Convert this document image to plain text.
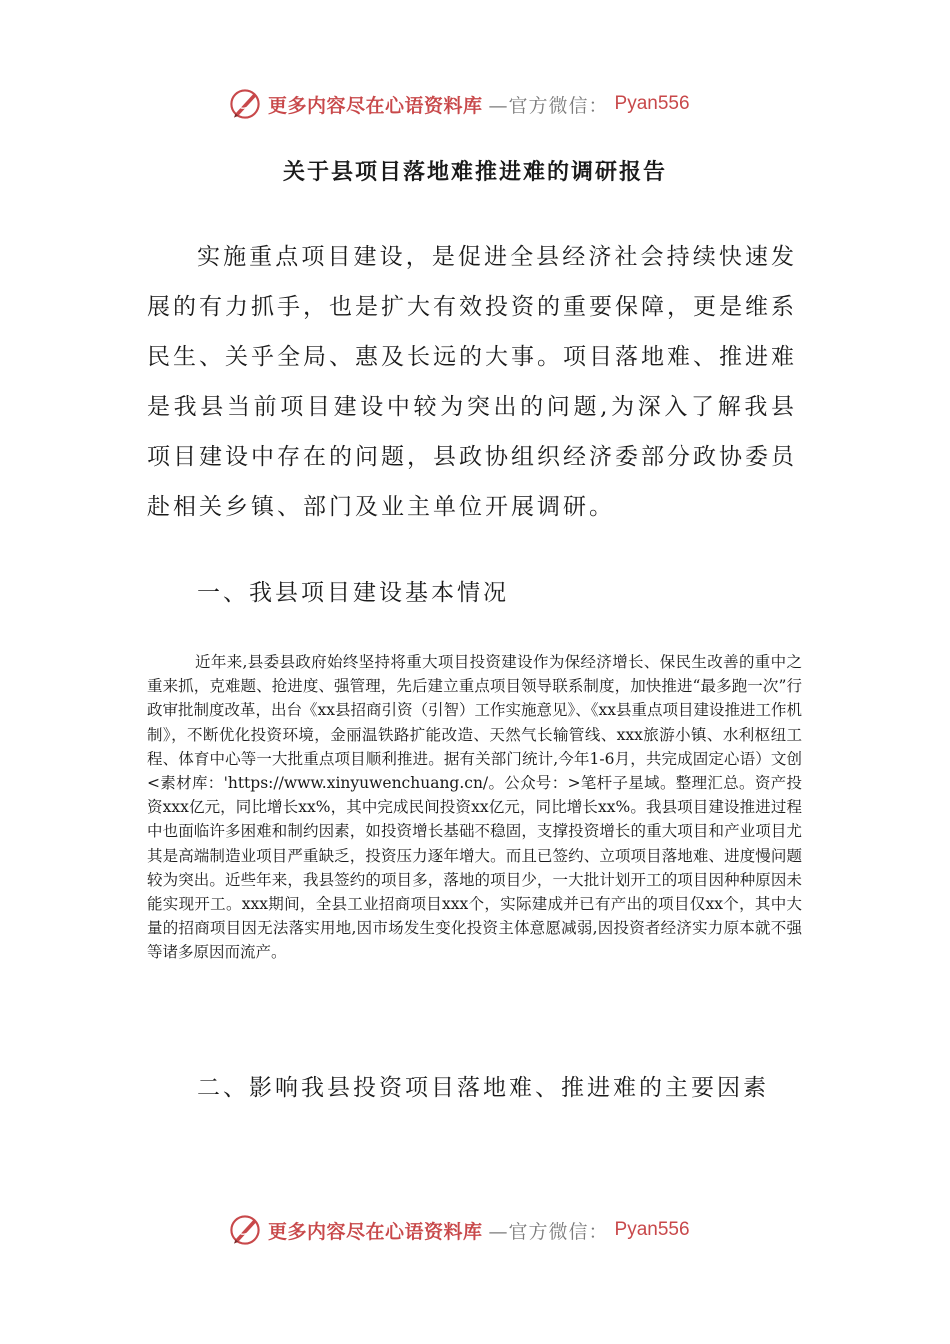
更多内容尽在心语资料库 —官方微信： Pyan556
关于县项目落地难推进难的调研报告

实施重点项目建设，是促进全县经济社会持续快速发展的有力抓手，也是扩大有效投资的重要保障，更是维系民生、关乎全局、惠及长远的大事。项目落地难、推进难是我县当前项目建设中较为突出的问题,为深入了解我县项目建设中存在的问题，县政协组织经济委部分政协委员赴相关乡镇、部门及业主单位开展调研。

一、我县项目建设基本情况

近年来,县委县政府始终坚持将重大项目投资建设作为保经济增长、保民生改善的重中之重来抓，克难题、抢进度、强管理，先后建立重点项目领导联系制度，加快推进“最多跑一次”行政审批制度改革，出台《xx县招商引资（引智）工作实施意见》、《xx县重点项目建设推进工作机制》，不断优化投资环境，金丽温铁路扩能改造、天然气长输管线、xxx旅游小镇、水利枢纽工程、体育中心等一大批重点项目顺利推进。据有关部门统计,今年1-6月，共完成固定心语）文创<素材库：'https://www.xinyuwenchuang.cn/。公众号：>笔杆子星域。整理汇总。资产投资xxx亿元，同比增长xx%，其中完成民间投资xx亿元，同比增长xx%。我县项目建设推进过程中也面临许多困难和制约因素，如投资增长基础不稳固，支撑投资增长的重大项目和产业项目尤其是高端制造业项目严重缺乏，投资压力逐年增大。而且已签约、立项项目落地难、进度慢问题较为突出。近些年来，我县签约的项目多，落地的项目少，一大批计划开工的项目因种种原因未能实现开工。xxx期间，全县工业招商项目xxx个，实际建成并已有产出的项目仅xx个，其中大量的招商项目因无法落实用地,因市场发生变化投资主体意愿减弱,因投资者经济实力原本就不强等诸多原因而流产。

二、影响我县投资项目落地难、推进难的主要因素
更多内容尽在心语资料库 —官方微信： Pyan556
